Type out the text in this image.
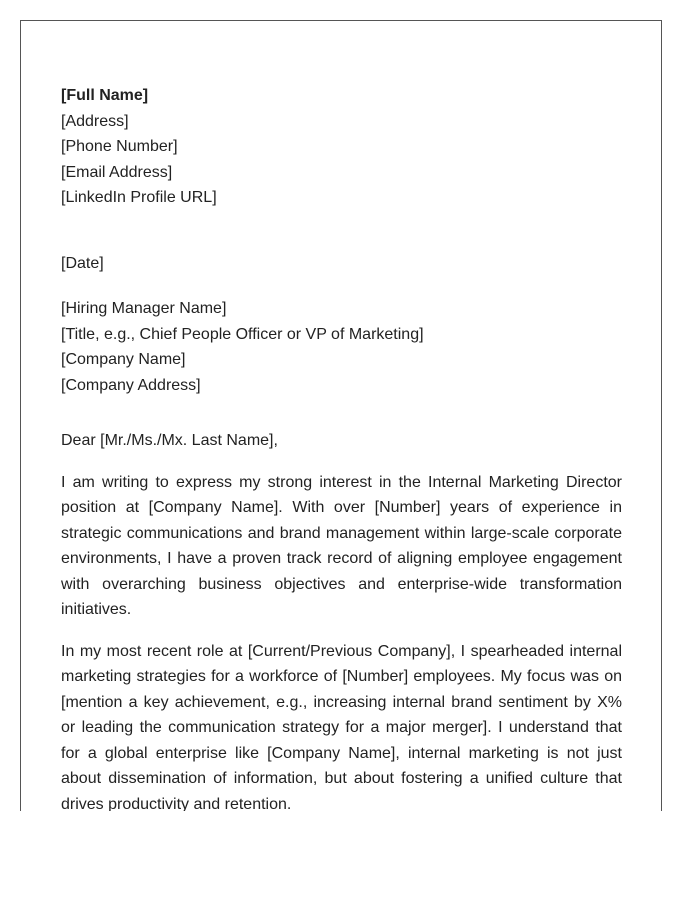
[Full Name]
[Address]
[Phone Number]
[Email Address]
[LinkedIn Profile URL]
[Date]
[Hiring Manager Name]
[Title, e.g., Chief People Officer or VP of Marketing]
[Company Name]
[Company Address]
Dear [Mr./Ms./Mx. Last Name],

I am writing to express my strong interest in the Internal Marketing Director position at [Company Name]. With over [Number] years of experience in strategic communications and brand management within large-scale corporate environments, I have a proven track record of aligning employee engagement with overarching business objectives and enterprise-wide transformation initiatives.

In my most recent role at [Current/Previous Company], I spearheaded internal marketing strategies for a workforce of [Number] employees. My focus was on [mention a key achievement, e.g., increasing internal brand sentiment by X% or leading the communication strategy for a major merger]. I understand that for a global enterprise like [Company Name], internal marketing is not just about dissemination of information, but about fostering a unified culture that drives productivity and retention.
